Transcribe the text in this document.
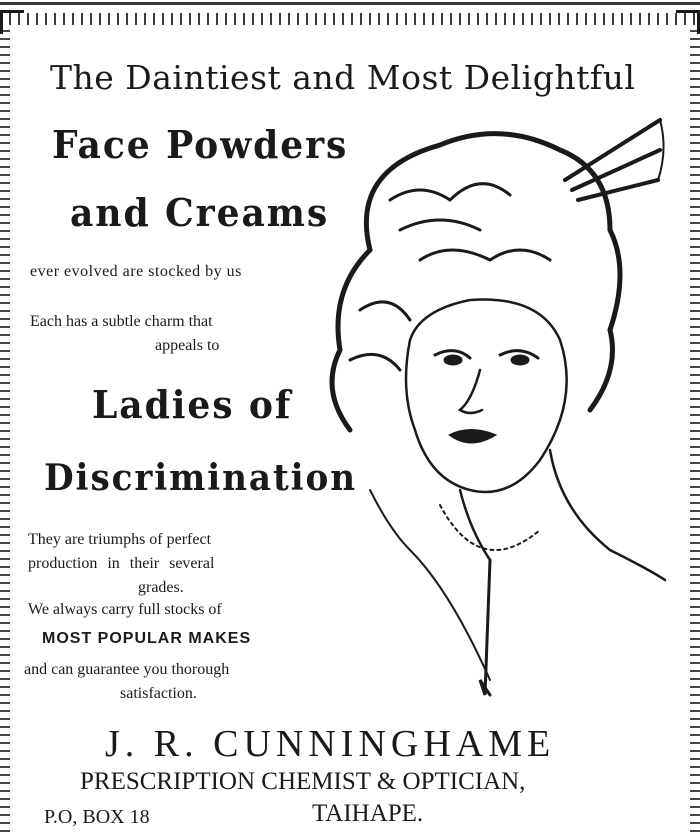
The Daintiest and Most Delightful
Face Powders
and Creams
ever evolved are stocked by us
Each has a subtle charm that
appeals to
Ladies of
Discrimination
They are triumphs of perfect
production in their several
grades.
We always carry full stocks of
MOST POPULAR MAKES
and can guarantee you thorough
satisfaction.
J. R. CUNNINGHAME
PRESCRIPTION CHEMIST & OPTICIAN,
P.O, BOX 18	TAIHAPE.
